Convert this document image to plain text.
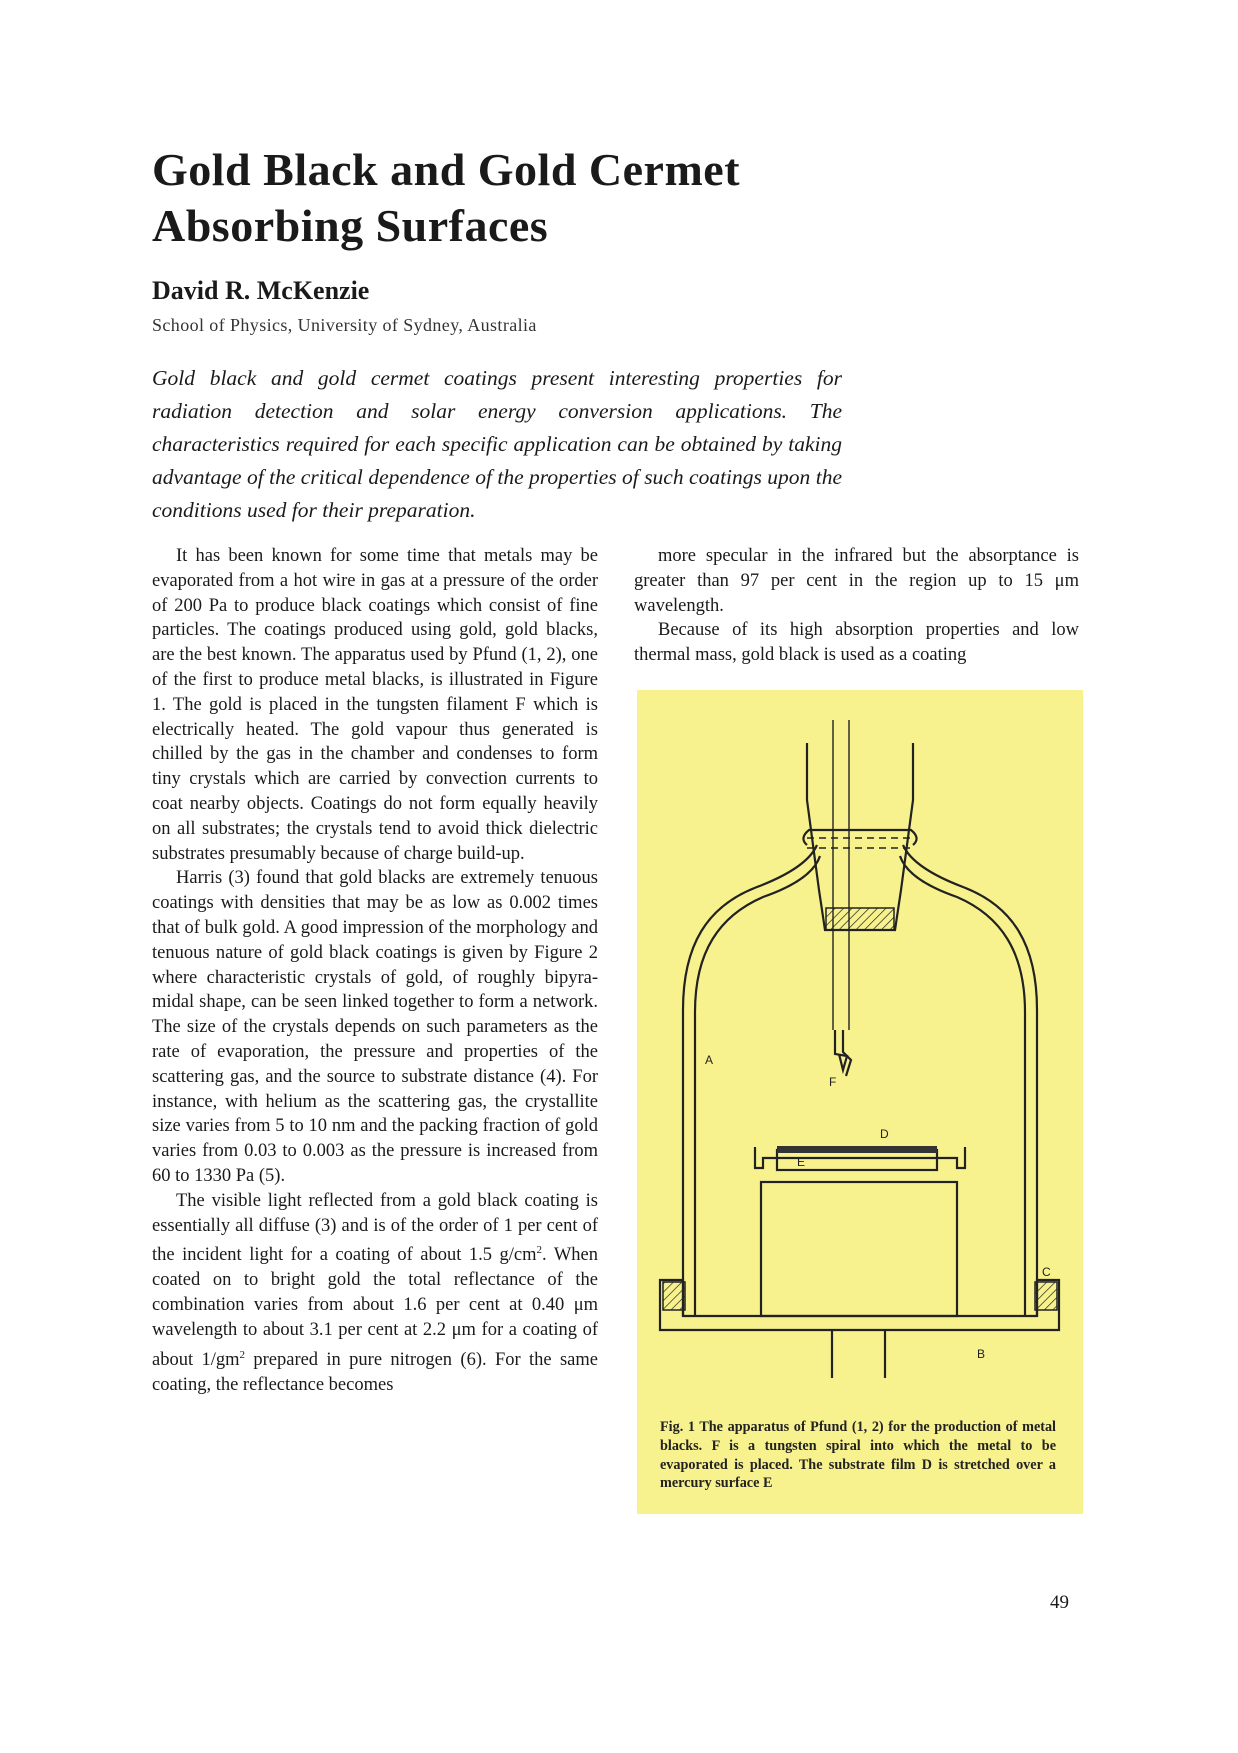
Gold Black and Gold Cermet
Absorbing Surfaces

David R. McKenzie

School of Physics, University of Sydney, Australia

Gold black and gold cermet coatings present interesting properties for radiation detection and solar energy conversion applications. The characteristics required for each specific application can be obtained by taking advantage of the critical dependence of the properties of such coatings upon the conditions used for their preparation.

It has been known for some time that metals may be evaporated from a hot wire in gas at a pressure of the order of 200 Pa to produce black coatings which consist of fine particles. The coatings produced using gold, gold blacks, are the best known. The apparatus used by Pfund (1, 2), one of the first to produce metal blacks, is illustrated in Figure 1. The gold is placed in the tungsten filament F which is electrically heated. The gold vapour thus generated is chilled by the gas in the chamber and condenses to form tiny crystals which are carried by convection currents to coat nearby objects. Coatings do not form equally heavily on all substrates; the crystals tend to avoid thick dielectric substrates presumably because of charge build-up.

Harris (3) found that gold blacks are extremely tenuous coatings with densities that may be as low as 0.002 times that of bulk gold. A good impression of the morphology and tenuous nature of gold black coatings is given by Figure 2 where characteristic crystals of gold, of roughly bipyramidal shape, can be seen linked together to form a network. The size of the crystals depends on such parameters as the rate of evaporation, the pressure and properties of the scattering gas, and the source to substrate distance (4). For instance, with helium as the scattering gas, the crystallite size varies from 5 to 10 nm and the packing fraction of gold varies from 0.03 to 0.003 as the pressure is increased from 60 to 1330 Pa (5).

The visible light reflected from a gold black coating is essentially all diffuse (3) and is of the order of 1 per cent of the incident light for a coating of about 1.5 $g/cm^2$. When coated on to bright gold the total reflectance of the combination varies from about 1.6 per cent at 0.40 μm wavelength to about 3.1 per cent at 2.2 μm for a coating of about $1/gm^2$ prepared in pure nitrogen (6). For the same coating, the reflectance becomes

more specular in the infrared but the absorptance is greater than 97 per cent in the region up to 15 μm wavelength.

Because of its high absorption properties and low thermal mass, gold black is used as a coating

A
B
C
D
E
F

Fig. 1 The apparatus of Pfund (1, 2) for the production of metal blacks. F is a tungsten spiral into which the metal to be evaporated is placed. The substrate film D is stretched over a mercury surface E

49
